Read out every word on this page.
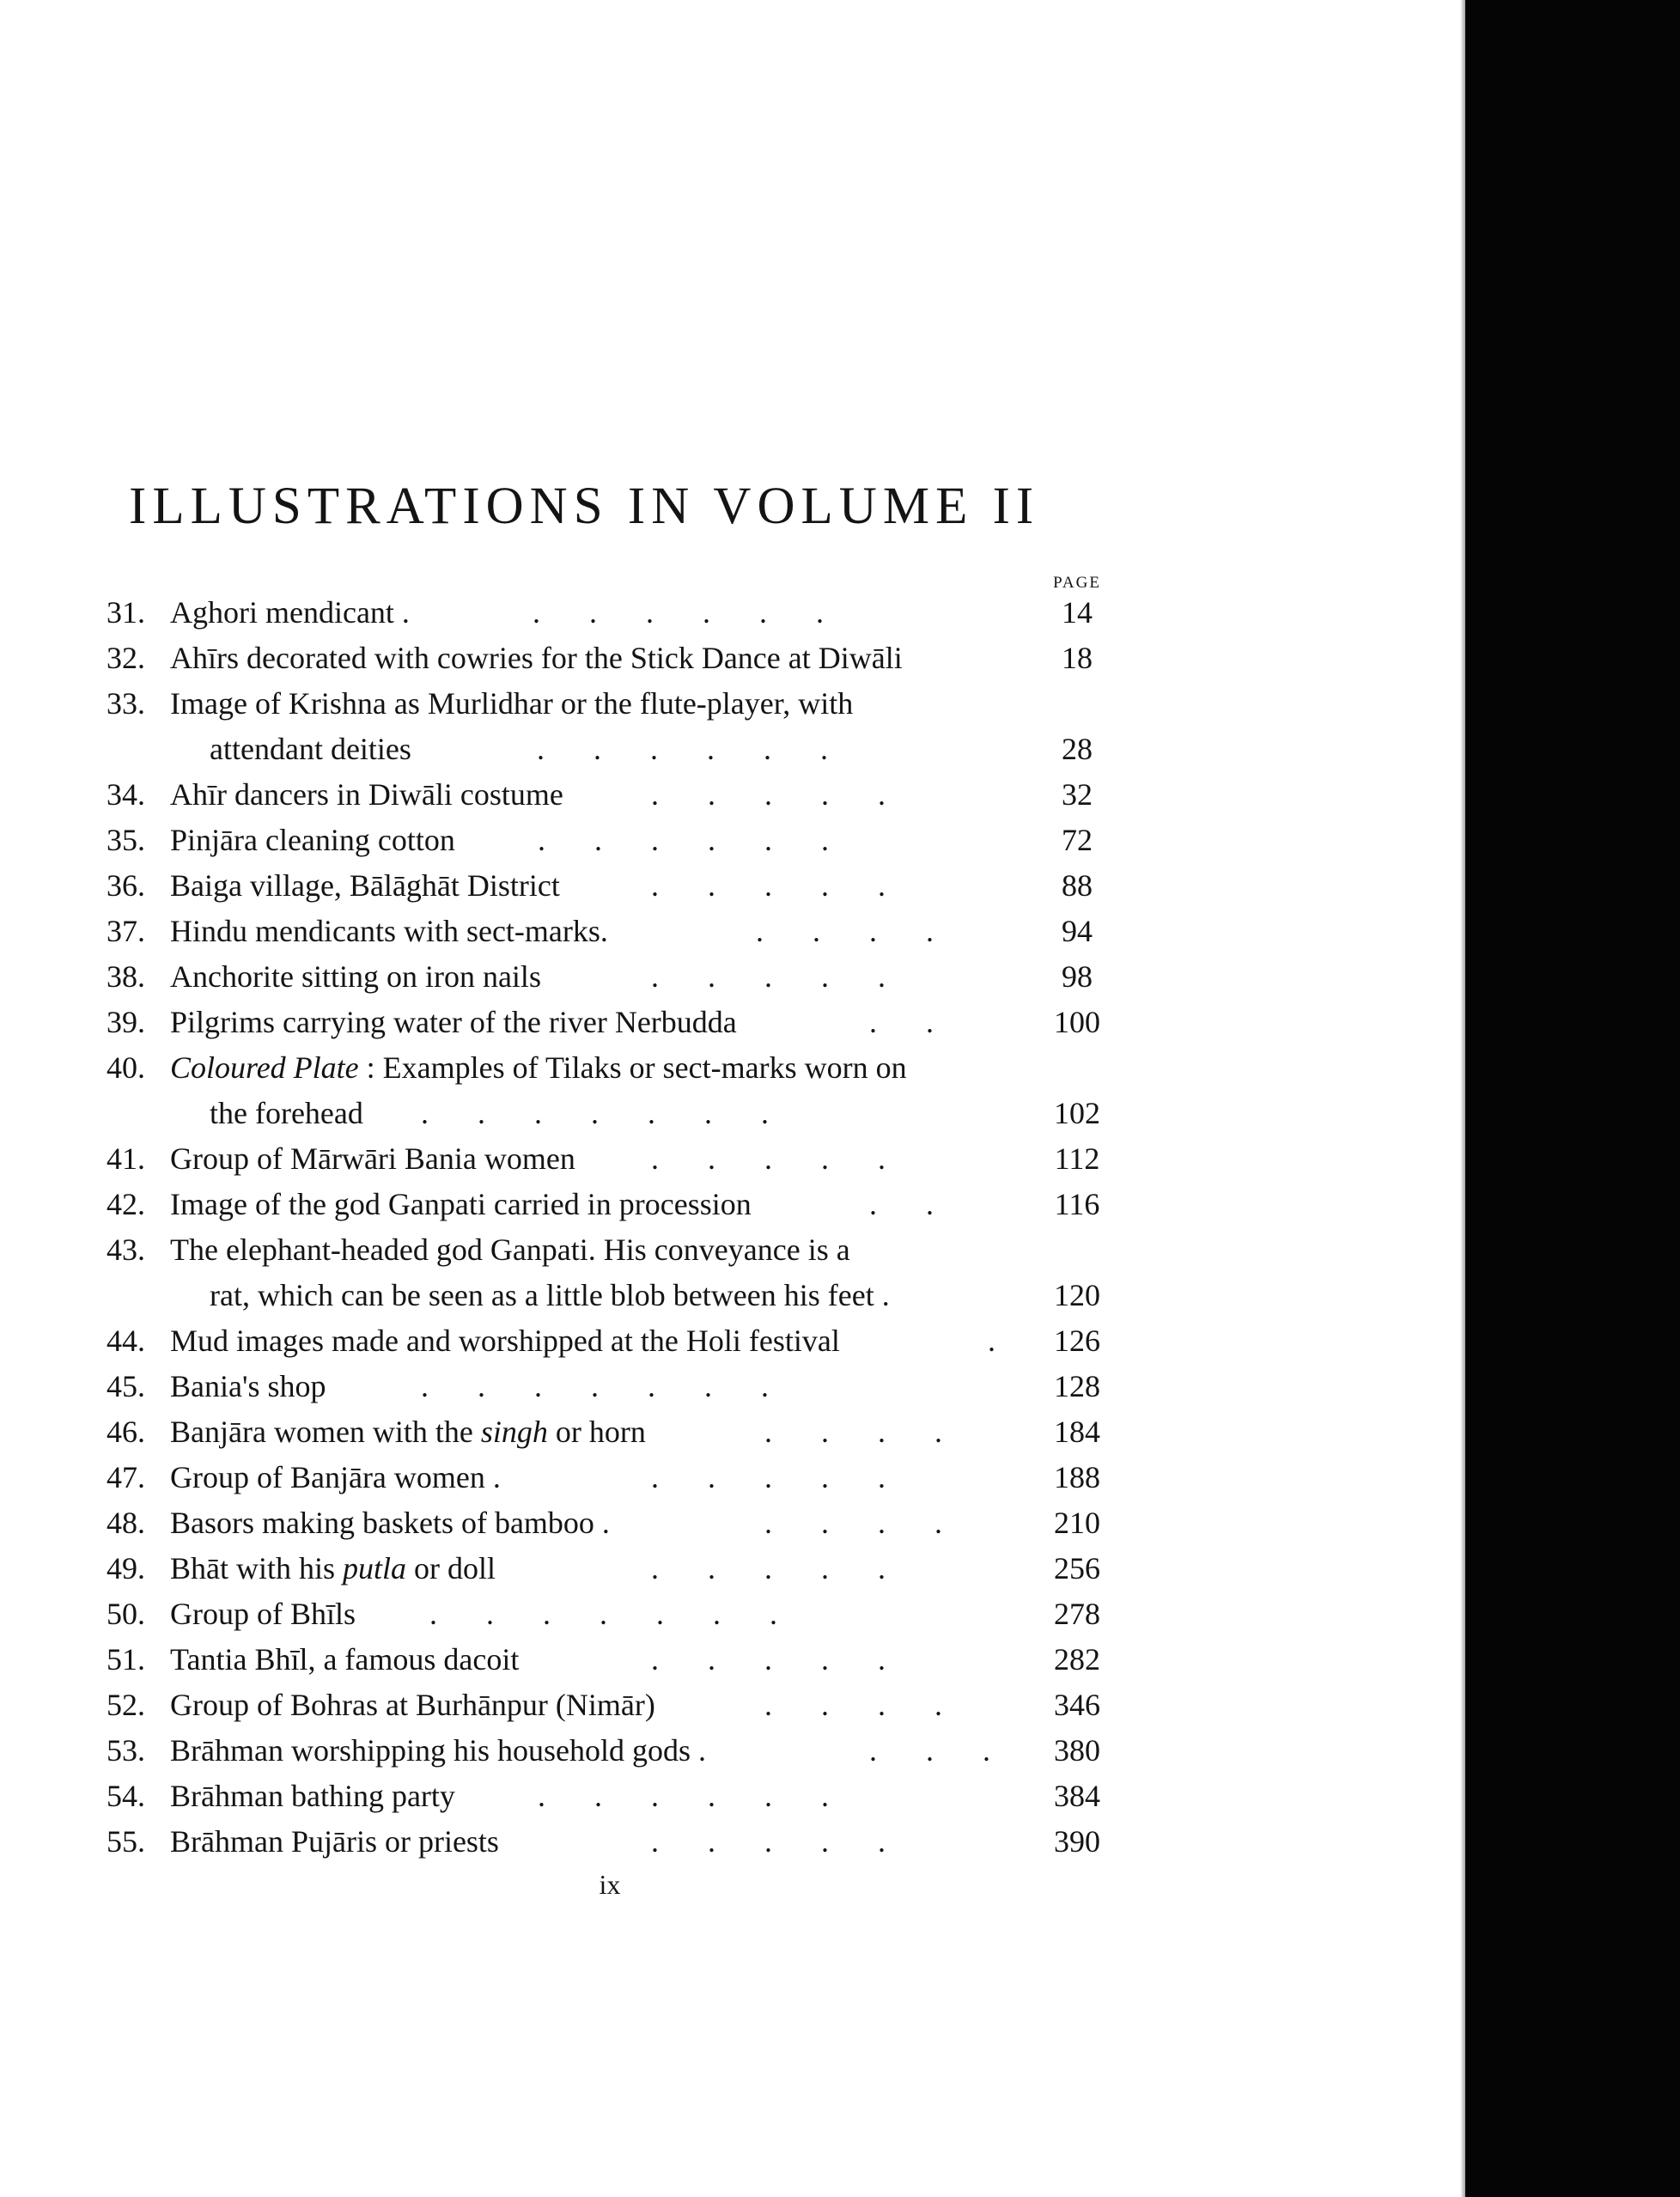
ILLUSTRATIONS IN VOLUME II
PAGE
31. Aghori mendicant .	. . . . . .	14
32. Ahīrs decorated with cowries for the Stick Dance at Diwāli	18
33. Image of Krishna as Murlidhar or the flute-player, with
attendant deities	. . . . . .	28
34. Ahīr dancers in Diwāli costume	. . . . .	32
35. Pinjāra cleaning cotton	. . . . . .	72
36. Baiga village, Bālāghāt District	. . . . .	88
37. Hindu mendicants with sect-marks.	. . . .	94
38. Anchorite sitting on iron nails	. . . . .	98
39. Pilgrims carrying water of the river Nerbudda	. .	100
40. Coloured Plate : Examples of Tilaks or sect-marks worn on
the forehead . . . . . . .	102
41. Group of Mārwāri Bania women . . . . .	112
42. Image of the god Ganpati carried in procession	. .	116
43. The elephant-headed god Ganpati. His conveyance is a
rat, which can be seen as a little blob between his feet .	120
44. Mud images made and worshipped at the Holi festival	. 126
45. Bania's shop	. . . . . . .	128
46. Banjāra women with the singh or horn	. . . .	184
47. Group of Banjāra women .	. . . . .	188
48. Basors making baskets of bamboo .	. . . .	210
49. Bhāt with his putla or doll	. . . . .	256
50. Group of Bhīls . . . . . . .	278
51. Tantia Bhīl, a famous dacoit	. . . . .	282
52. Group of Bohras at Burhānpur (Nimār)	. . . .	346
53. Brāhman worshipping his household gods .	. . . 380
54. Brāhman bathing party	. . . . . .	384
55. Brāhman Pujāris or priests	. . . . .	390
ix
